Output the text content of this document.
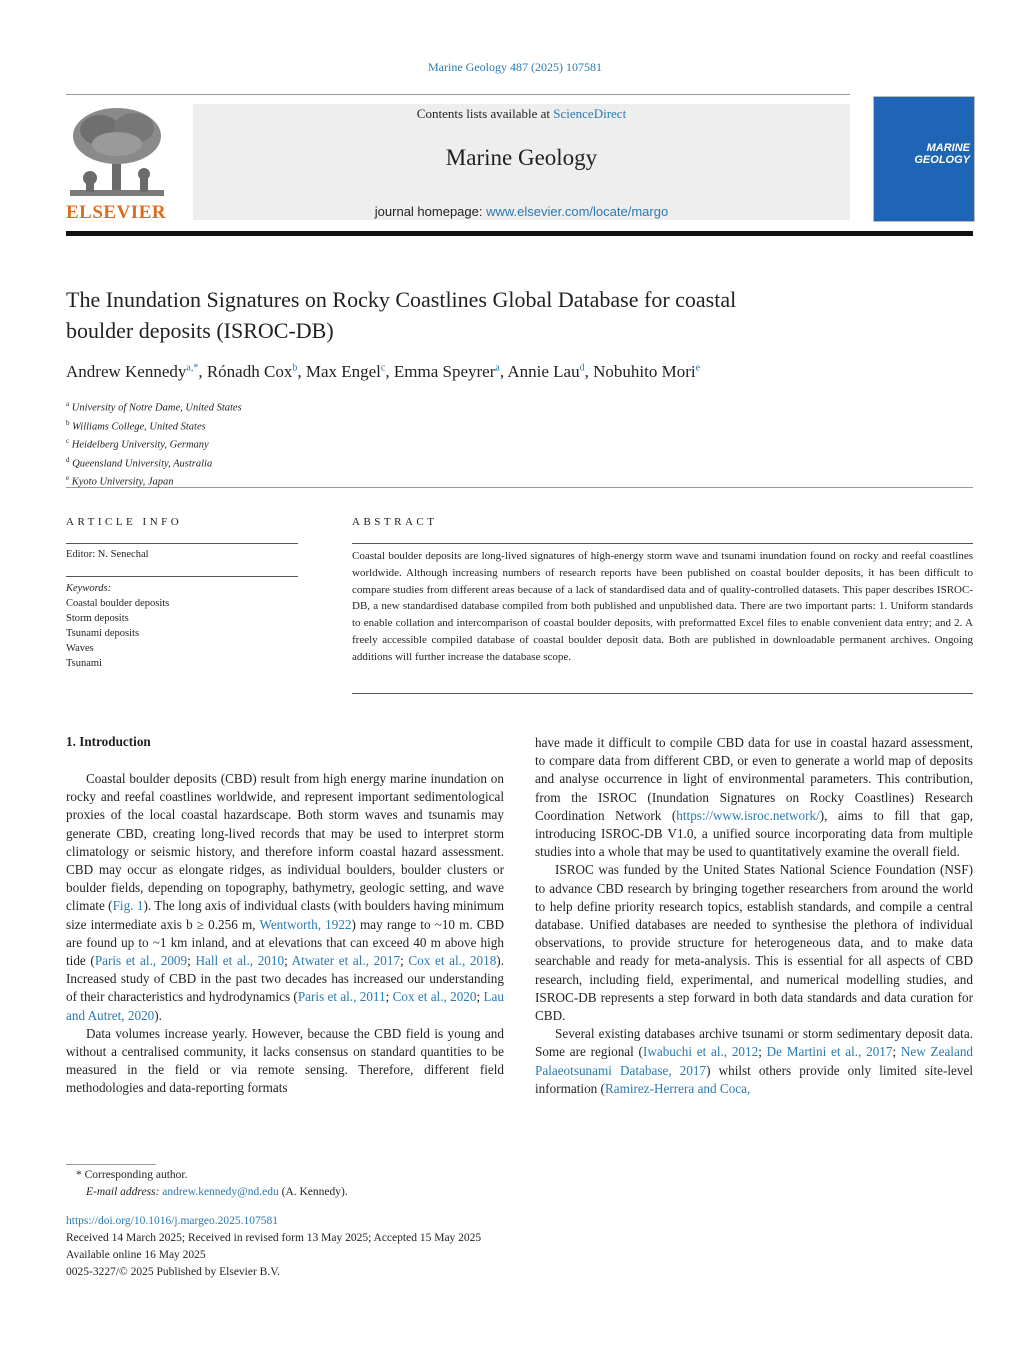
Marine Geology 487 (2025) 107581
ELSEVIER
Contents lists available at ScienceDirect
Marine Geology
journal homepage: www.elsevier.com/locate/margo
MARINE GEOLOGY
The Inundation Signatures on Rocky Coastlines Global Database for coastal
boulder deposits (ISROC-DB)
Andrew Kennedy$^{a,*}$, Rónadh Cox$^b$, Max Engel$^c$, Emma Speyrer$^a$, Annie Lau$^d$, Nobuhito Mori$^e$
$^a$ University of Notre Dame, United States
$^b$ Williams College, United States
$^c$ Heidelberg University, Germany
$^d$ Queensland University, Australia
$^e$ Kyoto University, Japan
ARTICLE INFO
Editor: N. Senechal
Keywords:
Coastal boulder deposits
Storm deposits
Tsunami deposits
Waves
Tsunami
ABSTRACT
Coastal boulder deposits are long-lived signatures of high-energy storm wave and tsunami inundation found on rocky and reefal coastlines worldwide. Although increasing numbers of research reports have been published on coastal boulder deposits, it has been difficult to compare studies from different areas because of a lack of standardised data and of quality-controlled datasets. This paper describes ISROC-DB, a new standardised database compiled from both published and unpublished data. There are two important parts: 1. Uniform standards to enable collation and intercomparison of coastal boulder deposits, with preformatted Excel files to enable convenient data entry; and 2. A freely accessible compiled database of coastal boulder deposit data. Both are published in downloadable permanent archives. Ongoing additions will further increase the database scope.
1. Introduction

Coastal boulder deposits (CBD) result from high energy marine inundation on rocky and reefal coastlines worldwide, and represent important sedimentological proxies of the local coastal hazardscape. Both storm waves and tsunamis may generate CBD, creating long-lived records that may be used to interpret storm climatology or seismic history, and therefore inform coastal hazard assessment. CBD may occur as elongate ridges, as individual boulders, boulder clusters or boulder fields, depending on topography, bathymetry, geologic setting, and wave climate (Fig. 1). The long axis of individual clasts (with boulders having minimum size intermediate axis b ≥ 0.256 m, Wentworth, 1922) may range to ~10 m. CBD are found up to ~1 km inland, and at elevations that can exceed 40 m above high tide (Paris et al., 2009; Hall et al., 2010; Atwater et al., 2017; Cox et al., 2018). Increased study of CBD in the past two decades has increased our understanding of their characteristics and hydrodynamics (Paris et al., 2011; Cox et al., 2020; Lau and Autret, 2020).

Data volumes increase yearly. However, because the CBD field is young and without a centralised community, it lacks consensus on standard quantities to be measured in the field or via remote sensing. Therefore, different field methodologies and data-reporting formats

have made it difficult to compile CBD data for use in coastal hazard assessment, to compare data from different CBD, or even to generate a world map of deposits and analyse occurrence in light of environmental parameters. This contribution, from the ISROC (Inundation Signatures on Rocky Coastlines) Research Coordination Network (https://www.isroc.network/), aims to fill that gap, introducing ISROC-DB V1.0, a unified source incorporating data from multiple studies into a whole that may be used to quantitatively examine the overall field.

ISROC was funded by the United States National Science Foundation (NSF) to advance CBD research by bringing together researchers from around the world to help define priority research topics, establish standards, and compile a central database. Unified databases are needed to synthesise the plethora of individual observations, to provide structure for heterogeneous data, and to make data searchable and ready for meta-analysis. This is essential for all aspects of CBD research, including field, experimental, and numerical modelling studies, and ISROC-DB represents a step forward in both data standards and data curation for CBD.

Several existing databases archive tsunami or storm sedimentary deposit data. Some are regional (Iwabuchi et al., 2012; De Martini et al., 2017; New Zealand Palaeotsunami Database, 2017) whilst others provide only limited site-level information (Ramirez-Herrera and Coca,

* Corresponding author.
E-mail address: andrew.kennedy@nd.edu (A. Kennedy).
https://doi.org/10.1016/j.margeo.2025.107581
Received 14 March 2025; Received in revised form 13 May 2025; Accepted 15 May 2025
Available online 16 May 2025
0025-3227/© 2025 Published by Elsevier B.V.
